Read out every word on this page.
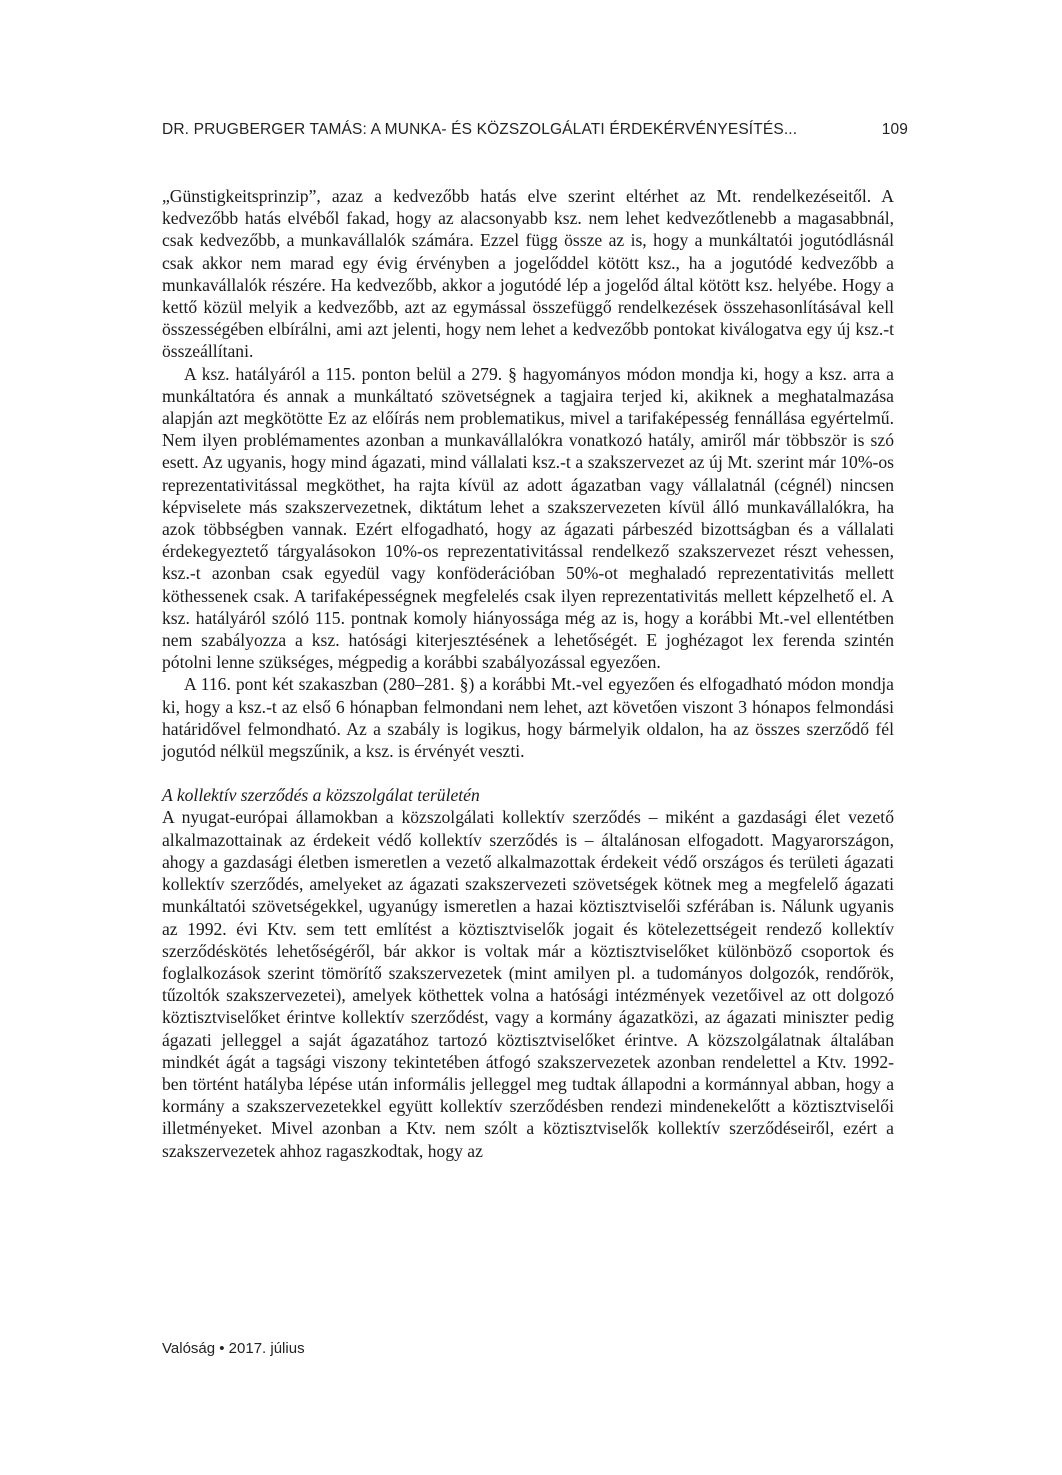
DR. PRUGBERGER TAMÁS: A MUNKA- ÉS KÖZSZOLGÁLATI ÉRDEKÉRVÉNYESÍTÉS...	109

„Günstigkeitsprinzip”, azaz a kedvezőbb hatás elve szerint eltérhet az Mt. rendelkezéseitől. A kedvezőbb hatás elvéből fakad, hogy az alacsonyabb ksz. nem lehet kedvezőtlenebb a magasabbnál, csak kedvezőbb, a munkavállalók számára. Ezzel függ össze az is, hogy a munkáltatói jogutódlásnál csak akkor nem marad egy évig érvényben a jogelőddel kötött ksz., ha a jogutódé kedvezőbb a munkavállalók részére. Ha kedvezőbb, akkor a jogutódé lép a jogelőd által kötött ksz. helyébe. Hogy a kettő közül melyik a kedvezőbb, azt az egymással összefüggő rendelkezések összehasonlításával kell összességében elbírálni, ami azt jelenti, hogy nem lehet a kedvezőbb pontokat kiválogatva egy új ksz.-t összeállítani.

A ksz. hatályáról a 115. ponton belül a 279. § hagyományos módon mondja ki, hogy a ksz. arra a munkáltatóra és annak a munkáltató szövetségnek a tagjaira terjed ki, akiknek a meghatalmazása alapján azt megkötötte Ez az előírás nem problematikus, mivel a tarifaképesség fennállása egyértelmű. Nem ilyen problémamentes azonban a munkavállalókra vonatkozó hatály, amiről már többször is szó esett. Az ugyanis, hogy mind ágazati, mind vállalati ksz.-t a szakszervezet az új Mt. szerint már 10%-os reprezentativitással megköthet, ha rajta kívül az adott ágazatban vagy vállalatnál (cégnél) nincsen képviselete más szakszervezetnek, diktátum lehet a szakszervezeten kívül álló munkavállalókra, ha azok többségben vannak. Ezért elfogadható, hogy az ágazati párbeszéd bizottságban és a vállalati érdekegyeztető tárgyalásokon 10%-os reprezentativitással rendelkező szakszervezet részt vehessen, ksz.-t azonban csak egyedül vagy konföderációban 50%-ot meghaladó reprezentativitás mellett köthessenek csak. A tarifaképességnek megfelelés csak ilyen reprezentativitás mellett képzelhető el. A ksz. hatályáról szóló 115. pontnak komoly hiányossága még az is, hogy a korábbi Mt.-vel ellentétben nem szabályozza a ksz. hatósági kiterjesztésének a lehetőségét. E joghézagot lex ferenda szintén pótolni lenne szükséges, mégpedig a korábbi szabályozással egyezően.

A 116. pont két szakaszban (280–281. §) a korábbi Mt.-vel egyezően és elfogadható módon mondja ki, hogy a ksz.-t az első 6 hónapban felmondani nem lehet, azt követően viszont 3 hónapos felmondási határidővel felmondható. Az a szabály is logikus, hogy bármelyik oldalon, ha az összes szerződő fél jogutód nélkül megszűnik, a ksz. is érvényét veszti.

A kollektív szerződés a közszolgálat területén

A nyugat-európai államokban a közszolgálati kollektív szerződés – miként a gazdasági élet vezető alkalmazottainak az érdekeit védő kollektív szerződés is – általánosan elfogadott. Magyarországon, ahogy a gazdasági életben ismeretlen a vezető alkalmazottak érdekeit védő országos és területi ágazati kollektív szerződés, amelyeket az ágazati szakszervezeti szövetségek kötnek meg a megfelelő ágazati munkáltatói szövetségekkel, ugyanúgy ismeretlen a hazai köztisztviselői szférában is. Nálunk ugyanis az 1992. évi Ktv. sem tett említést a köztisztviselők jogait és kötelezettségeit rendező kollektív szerződéskötés lehetőségéről, bár akkor is voltak már a köztisztviselőket különböző csoportok és foglalkozások szerint tömörítő szakszervezetek (mint amilyen pl. a tudományos dolgozók, rendőrök, tűzoltók szakszervezetei), amelyek köthettek volna a hatósági intézmények vezetőivel az ott dolgozó köztisztviselőket érintve kollektív szerződést, vagy a kormány ágazatközi, az ágazati miniszter pedig ágazati jelleggel a saját ágazatához tartozó köztisztviselőket érintve. A közszolgálatnak általában mindkét ágát a tagsági viszony tekintetében átfogó szakszervezetek azonban rendelettel a Ktv. 1992-ben történt hatályba lépése után informális jelleggel meg tudtak állapodni a kormánnyal abban, hogy a kormány a szakszervezetekkel együtt kollektív szerződésben rendezi mindenekelőtt a köztisztviselői illetményeket. Mivel azonban a Ktv. nem szólt a köztisztviselők kollektív szerződéseiről, ezért a szakszervezetek ahhoz ragaszkodtak, hogy az

Valóság • 2017. július
